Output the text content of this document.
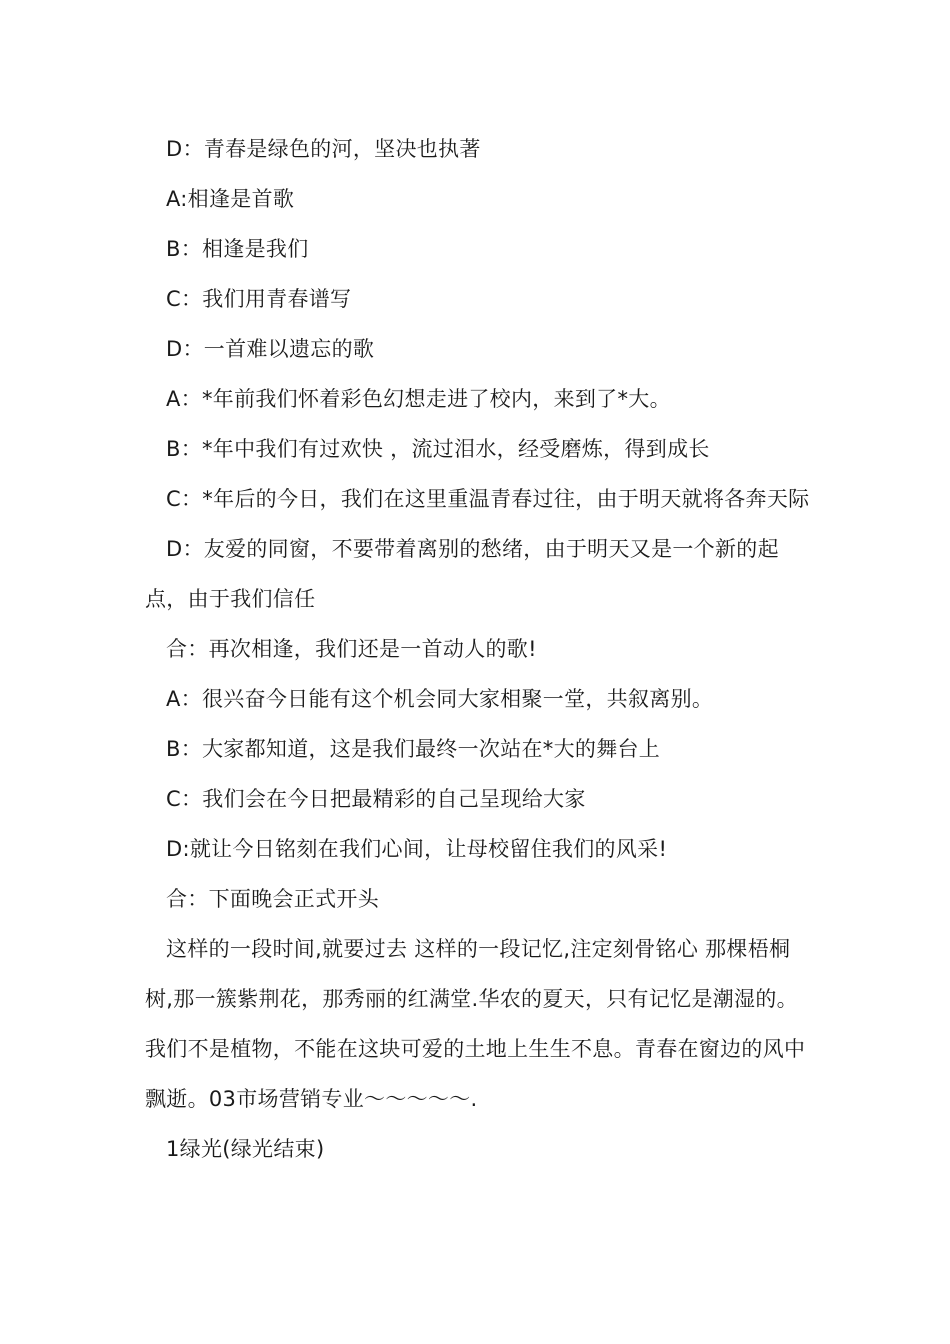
D：青春是绿色的河，坚决也执著

A:相逢是首歌

B：相逢是我们

C：我们用青春谱写

D：一首难以遗忘的歌

A：*年前我们怀着彩色幻想走进了校内，来到了*大。

B：*年中我们有过欢快 ，流过泪水，经受磨炼，得到成长

C：*年后的今日，我们在这里重温青春过往，由于明天就将各奔天际

D：友爱的同窗，不要带着离别的愁绪，由于明天又是一个新的起点，由于我们信任

合：再次相逢，我们还是一首动人的歌!

A：很兴奋今日能有这个机会同大家相聚一堂，共叙离别。

B：大家都知道，这是我们最终一次站在*大的舞台上

C：我们会在今日把最精彩的自己呈现给大家

D:就让今日铭刻在我们心间，让母校留住我们的风采!

合：下面晚会正式开头

这样的一段时间,就要过去 这样的一段记忆,注定刻骨铭心 那棵梧桐树,那一簇紫荆花，那秀丽的红满堂.华农的夏天，只有记忆是潮湿的。我们不是植物，不能在这块可爱的土地上生生不息。青春在窗边的风中飘逝。03市场营销专业～～～～～.

1绿光(绿光结束)
